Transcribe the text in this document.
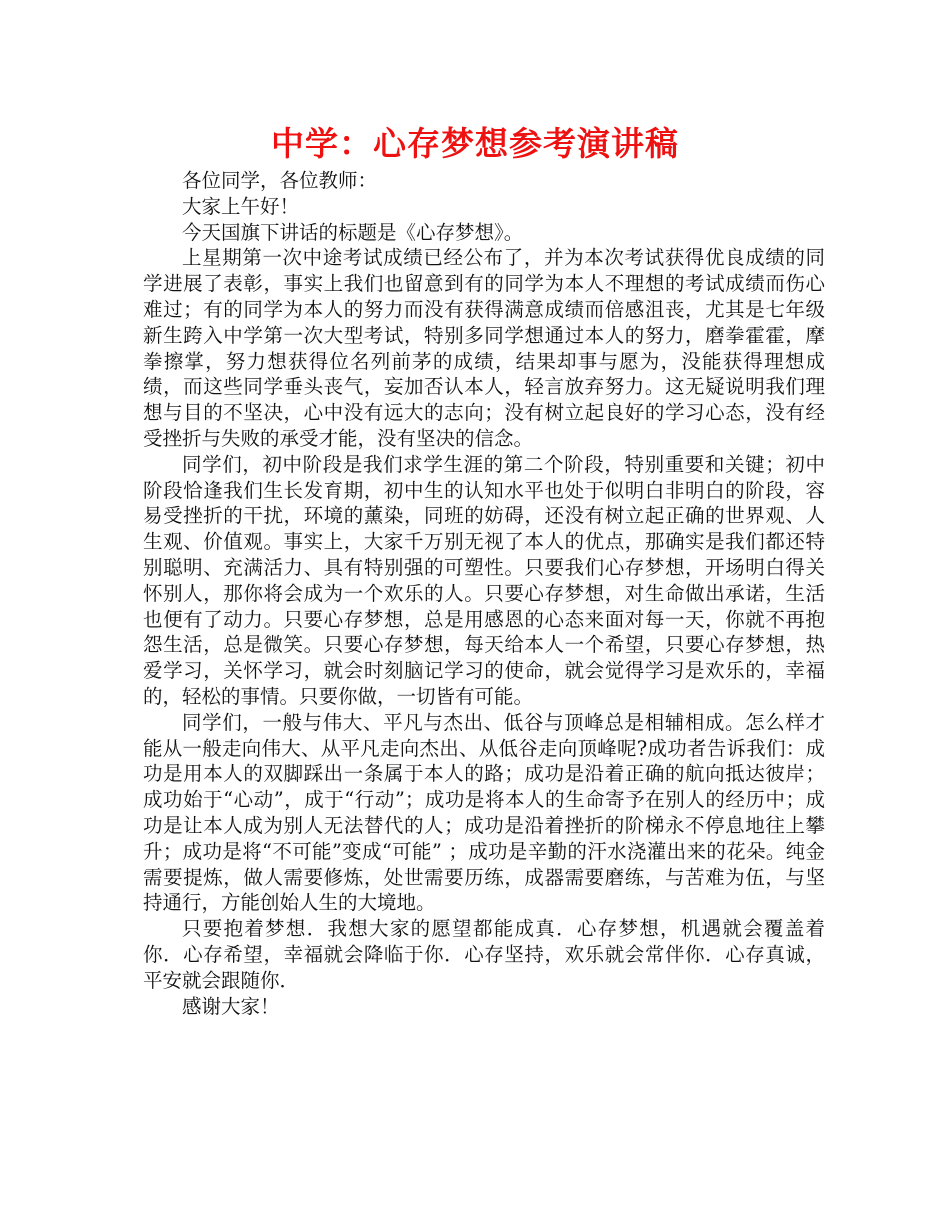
中学：心存梦想参考演讲稿

各位同学，各位教师：

大家上午好！

今天国旗下讲话的标题是《心存梦想》。

上星期第一次中途考试成绩已经公布了，并为本次考试获得优良成绩的同学进展了表彰，事实上我们也留意到有的同学为本人不理想的考试成绩而伤心难过；有的同学为本人的努力而没有获得满意成绩而倍感沮丧，尤其是七年级新生跨入中学第一次大型考试，特别多同学想通过本人的努力，磨拳霍霍，摩拳擦掌，努力想获得位名列前茅的成绩，结果却事与愿为，没能获得理想成绩，而这些同学垂头丧气，妄加否认本人，轻言放弃努力。这无疑说明我们理想与目的不坚决，心中没有远大的志向；没有树立起良好的学习心态，没有经受挫折与失败的承受才能，没有坚决的信念。

同学们，初中阶段是我们求学生涯的第二个阶段，特别重要和关键；初中阶段恰逢我们生长发育期，初中生的认知水平也处于似明白非明白的阶段，容易受挫折的干扰，环境的薰染，同班的妨碍，还没有树立起正确的世界观、人生观、价值观。事实上，大家千万别无视了本人的优点，那确实是我们都还特别聪明、充满活力、具有特别强的可塑性。只要我们心存梦想，开场明白得关怀别人，那你将会成为一个欢乐的人。只要心存梦想，对生命做出承诺，生活也便有了动力。只要心存梦想，总是用感恩的心态来面对每一天，你就不再抱怨生活，总是微笑。只要心存梦想，每天给本人一个希望，只要心存梦想，热爱学习，关怀学习，就会时刻脑记学习的使命，就会觉得学习是欢乐的，幸福的，轻松的事情。只要你做，一切皆有可能。

同学们，一般与伟大、平凡与杰出、低谷与顶峰总是相辅相成。怎么样才能从一般走向伟大、从平凡走向杰出、从低谷走向顶峰呢?成功者告诉我们：成功是用本人的双脚踩出一条属于本人的路；成功是沿着正确的航向抵达彼岸；成功始于“心动”，成于“行动”；成功是将本人的生命寄予在别人的经历中；成功是让本人成为别人无法替代的人；成功是沿着挫折的阶梯永不停息地往上攀升；成功是将“不可能”变成“可能” ；成功是辛勤的汗水浇灌出来的花朵。纯金需要提炼，做人需要修炼，处世需要历练，成器需要磨练，与苦难为伍，与坚持通行，方能创始人生的大境地。

只要抱着梦想．我想大家的愿望都能成真．心存梦想，机遇就会覆盖着你．心存希望，幸福就会降临于你．心存坚持，欢乐就会常伴你．心存真诚，平安就会跟随你．

感谢大家！
